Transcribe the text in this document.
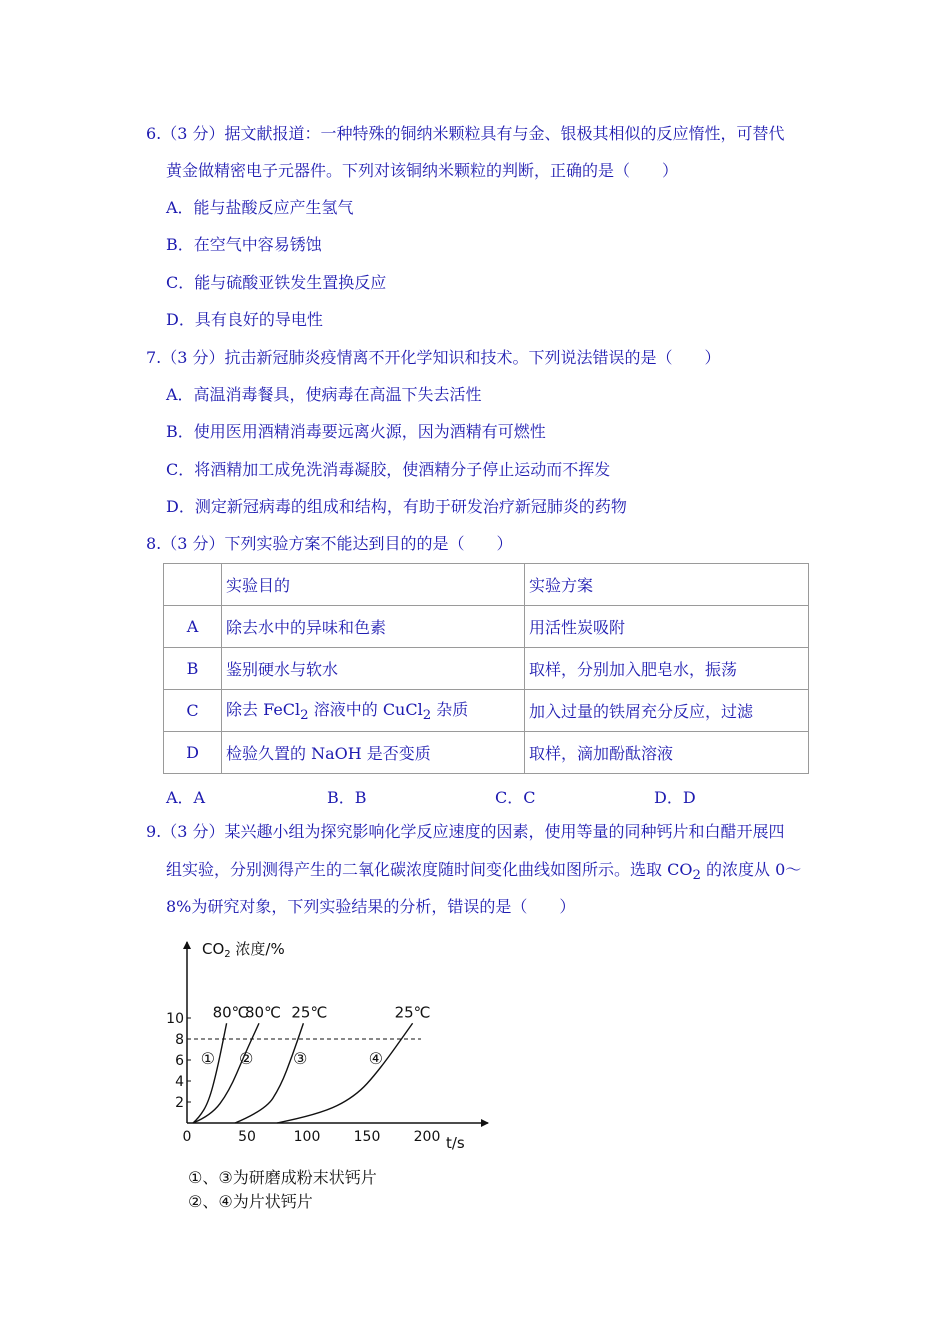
6.（3 分）据文献报道：一种特殊的铜纳米颗粒具有与金、银极其相似的反应惰性，可替代
黄金做精密电子元器件。下列对该铜纳米颗粒的判断，正确的是（　　）
A．能与盐酸反应产生氢气
B．在空气中容易锈蚀
C．能与硫酸亚铁发生置换反应
D．具有良好的导电性
7.（3 分）抗击新冠肺炎疫情离不开化学知识和技术。下列说法错误的是（　　）
A．高温消毒餐具，使病毒在高温下失去活性
B．使用医用酒精消毒要远离火源，因为酒精有可燃性
C．将酒精加工成免洗消毒凝胶，使酒精分子停止运动而不挥发
D．测定新冠病毒的组成和结构，有助于研发治疗新冠肺炎的药物
8.（3 分）下列实验方案不能达到目的的是（　　）
	实验目的	实验方案
A	除去水中的异味和色素	用活性炭吸附
B	鉴别硬水与软水	取样，分别加入肥皂水，振荡
C	除去 FeCl$_2$ 溶液中的 CuCl$_2$ 杂质	加入过量的铁屑充分反应，过滤
D	检验久置的 NaOH 是否变质	取样，滴加酚酞溶液
A．A	B．B	C．C	D．D
9.（3 分）某兴趣小组为探究影响化学反应速度的因素，使用等量的同种钙片和白醋开展四
组实验，分别测得产生的二氧化碳浓度随时间变化曲线如图所示。选取 $CO_2$ 的浓度从 0～
8%为研究对象，下列实验结果的分析，错误的是（　　）
$CO_2$ 浓度/%
t/s
0	50	100 150 200
2
4
6
8
10 80℃
①
80℃
②
25℃
③
25℃
④
①、③为研磨成粉末状钙片
②、④为片状钙片
